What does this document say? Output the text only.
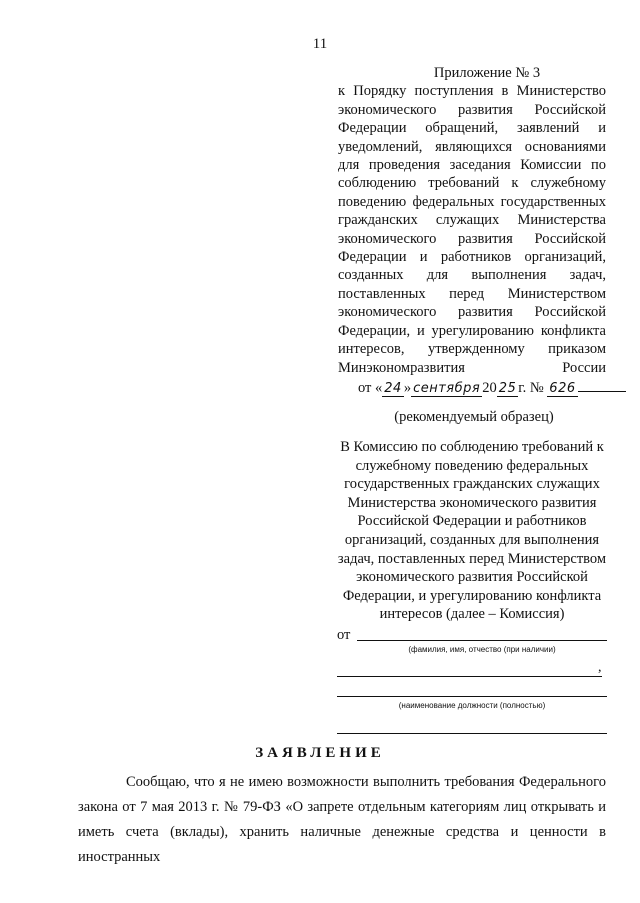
11
Приложение № 3
к Порядку поступления в Министерство экономического развития Российской Федерации обращений, заявлений и уведомлений, являющихся основаниями для проведения заседания Комиссии по соблюдению требований к служебному поведению федеральных государственных гражданских служащих Министерства экономического развития Российской Федерации и работников организаций, созданных для выполнения задач, поставленных перед Министерством экономического развития Российской Федерации, и урегулированию конфликта интересов, утвержденному приказом Минэкономразвития России
от « 24 » сентября 20 25 г. № 626
(рекомендуемый образец)
В Комиссию по соблюдению требований к служебному поведению федеральных государственных гражданских служащих Министерства экономического развития Российской Федерации и работников организаций, созданных для выполнения задач, поставленных перед Министерством экономического развития Российской Федерации, и урегулированию конфликта интересов (далее – Комиссия)
от
(фамилия, имя, отчество (при наличии)
,
(наименование должности (полностью)
ЗАЯВЛЕНИЕ
Сообщаю, что я не имею возможности выполнить требования Федерального закона от 7 мая 2013 г. № 79-ФЗ «О запрете отдельным категориям лиц открывать и иметь счета (вклады), хранить наличные денежные средства и ценности в иностранных
